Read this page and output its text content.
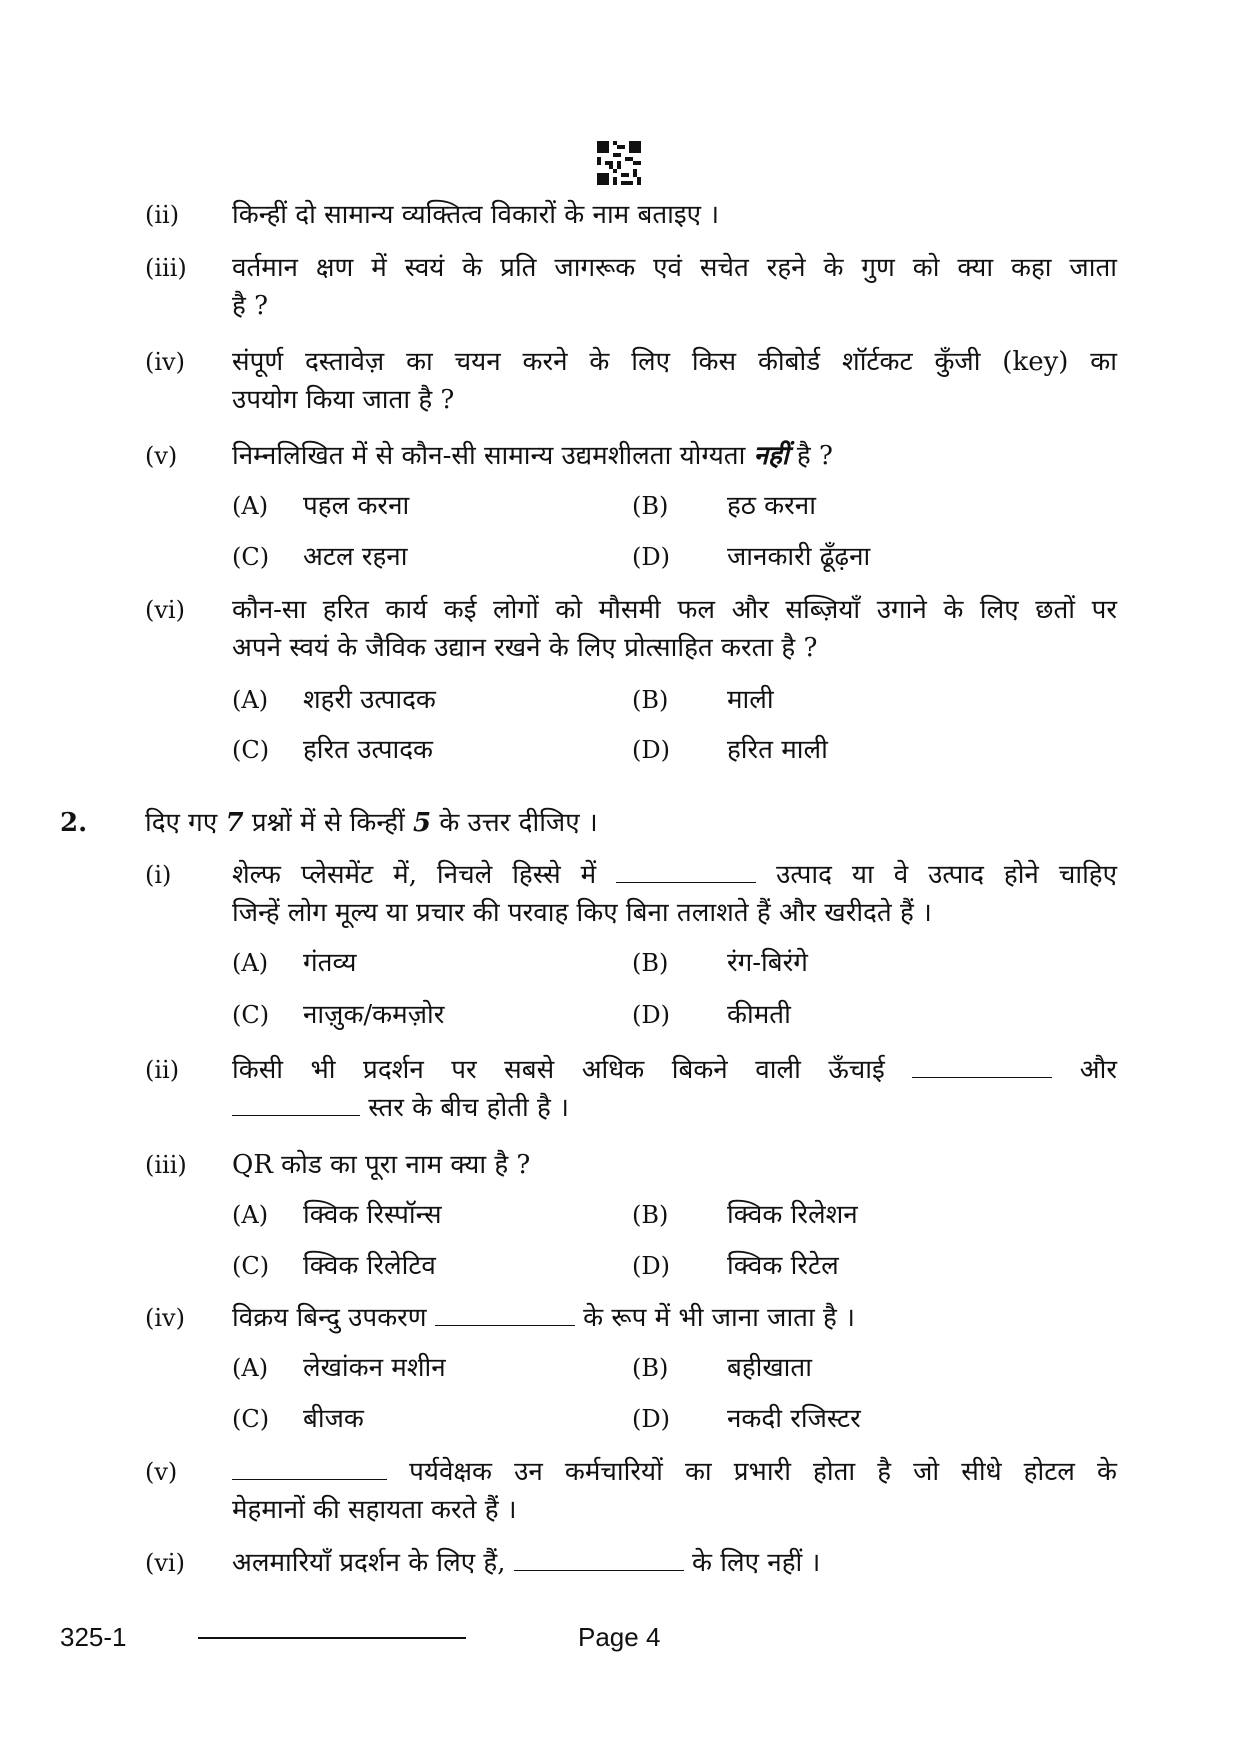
(ii)	किन्हीं दो सामान्य व्यक्तित्व विकारों के नाम बताइए ।
(iii)	वर्तमान क्षण में स्वयं के प्रति जागरूक एवं सचेत रहने के गुण को क्या कहा जाता
है ?
(iv)	संपूर्ण दस्तावेज़ का चयन करने के लिए किस कीबोर्ड शॉर्टकट कुँजी (key) का
उपयोग किया जाता है ?
(v)	निम्नलिखित में से कौन-सी सामान्य उद्यमशीलता योग्यता नहीं है ?
(A)	पहल करना	(B)	हठ करना
(C)	अटल रहना	(D)	जानकारी ढूँढ़ना
(vi)	कौन-सा हरित कार्य कई लोगों को मौसमी फल और सब्ज़ियाँ उगाने के लिए छतों पर
अपने स्वयं के जैविक उद्यान रखने के लिए प्रोत्साहित करता है ?
(A)	शहरी उत्पादक	(B)	माली
(C)	हरित उत्पादक	(D)	हरित माली
2. दिए गए 7 प्रश्नों में से किन्हीं 5 के उत्तर दीजिए ।
(i)	शेल्फ प्लेसमेंट में, निचले हिस्से में	उत्पाद या वे उत्पाद होने चाहिए
जिन्हें लोग मूल्य या प्रचार की परवाह किए बिना तलाशते हैं और खरीदते हैं ।
(A)	गंतव्य	(B)	रंग-बिरंगे
(C)	नाज़ुक/कमज़ोर	(D)	कीमती
(ii)	किसी भी प्रदर्शन पर सबसे अधिक बिकने वाली ऊँचाई	और
स्तर के बीच होती है ।
(iii)	QR कोड का पूरा नाम क्या है ?
(A)	क्विक रिस्पॉन्स	(B)	क्विक रिलेशन
(C)	क्विक रिलेटिव	(D)	क्विक रिटेल
(iv)	विक्रय बिन्दु उपकरण	के रूप में भी जाना जाता है ।
(A)	लेखांकन मशीन	(B)	बहीखाता
(C)	बीजक	(D)	नकदी रजिस्टर
(v)	पर्यवेक्षक उन कर्मचारियों का प्रभारी होता है जो सीधे होटल के
मेहमानों की सहायता करते हैं ।
(vi)	अलमारियाँ प्रदर्शन के लिए हैं,	के लिए नहीं ।
325-1	Page 4
